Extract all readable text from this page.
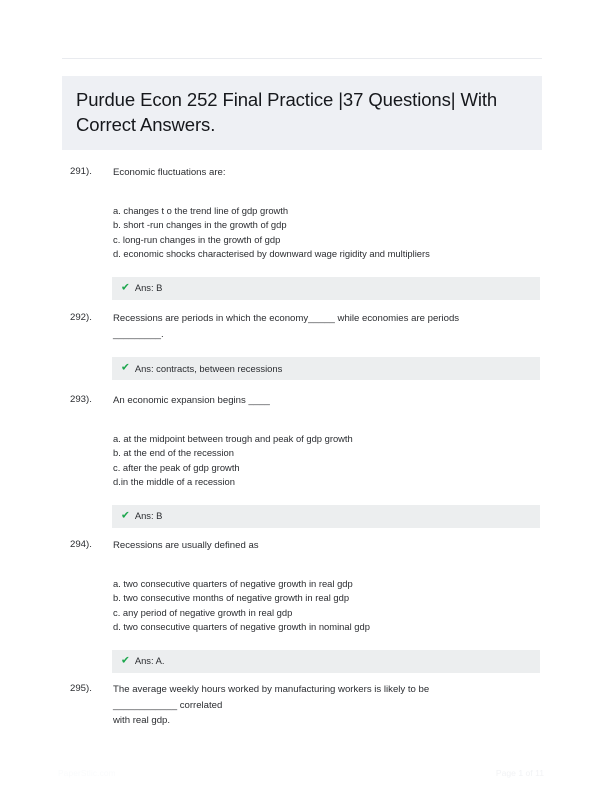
Purdue Econ 252 Final Practice |37 Questions| With Correct Answers.
291).	Economic fluctuations are:
a. changes t o the trend line of gdp growth
b. short -run changes in the growth of gdp
c. long-run changes in the growth of gdp
d. economic shocks characterised by downward wage rigidity and multipliers
✔ Ans: B
292).	Recessions are periods in which the economy_____ while economies are periods
_________.
✔ Ans: contracts, between recessions
293).	An economic expansion begins ____
a. at the midpoint between trough and peak of gdp growth
b. at the end of the recession
c. after the peak of gdp growth
d.in the middle of a recession
✔ Ans: B
294).	Recessions are usually defined as
a. two consecutive quarters of negative growth in real gdp
b. two consecutive months of negative growth in real gdp
c. any period of negative growth in real gdp
d. two consecutive quarters of negative growth in nominal gdp
✔ Ans: A.
295).	The average weekly hours worked by manufacturing workers is likely to be
____________ correlated
with real gdp.
PaperStlic.com	Page 1 of 11
